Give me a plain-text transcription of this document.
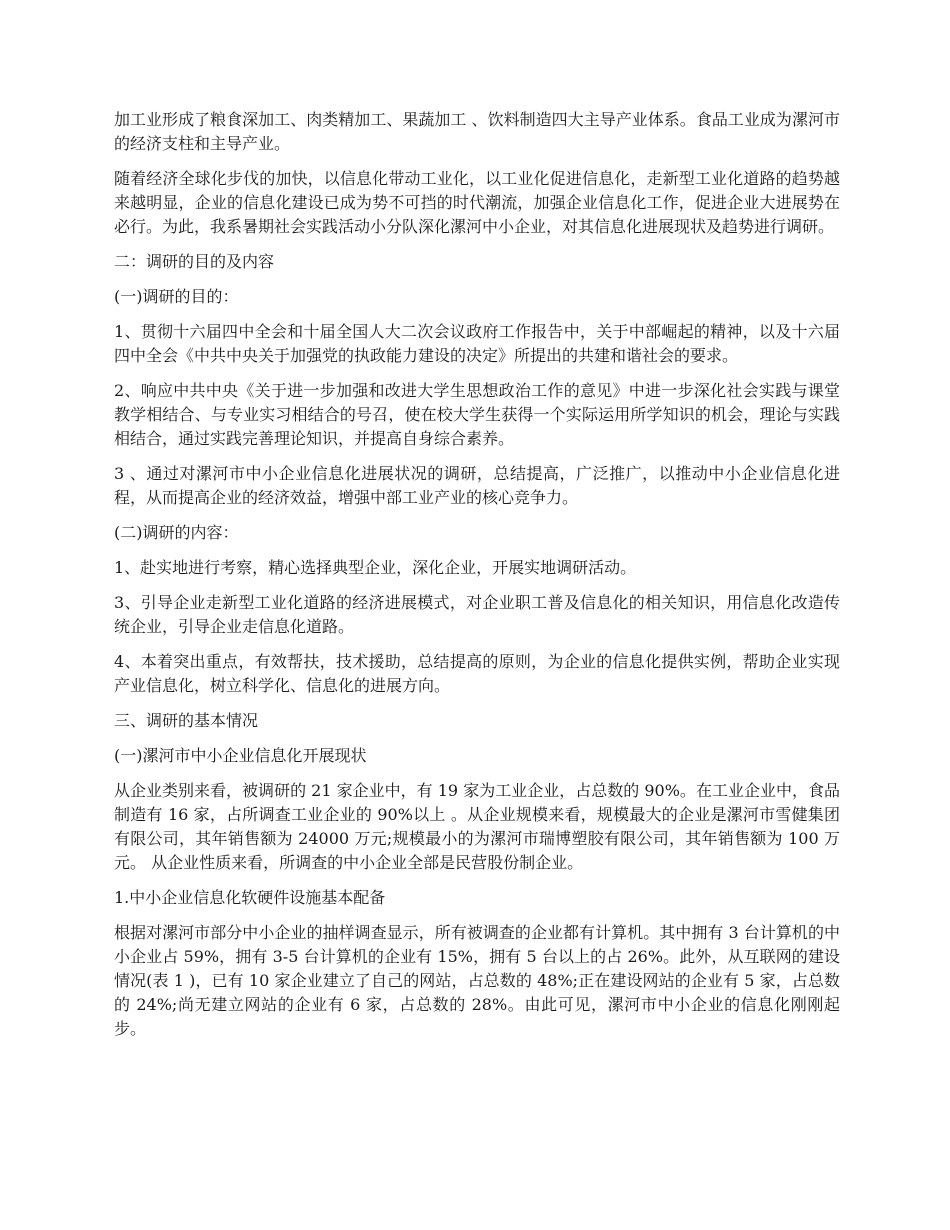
加工业形成了粮食深加工、肉类精加工、果蔬加工 、饮料制造四大主导产业体系。食品工业成为漯河市的经济支柱和主导产业。

随着经济全球化步伐的加快，以信息化带动工业化，以工业化促进信息化，走新型工业化道路的趋势越来越明显，企业的信息化建设已成为势不可挡的时代潮流，加强企业信息化工作，促进企业大进展势在必行。为此，我系暑期社会实践活动小分队深化漯河中小企业，对其信息化进展现状及趋势进行调研。

二：调研的目的及内容

(一)调研的目的：

1、贯彻十六届四中全会和十届全国人大二次会议政府工作报告中，关于中部崛起的精神，以及十六届四中全会《中共中央关于加强党的执政能力建设的决定》所提出的共建和谐社会的要求。

2、响应中共中央《关于进一步加强和改进大学生思想政治工作的意见》中进一步深化社会实践与课堂教学相结合、与专业实习相结合的号召，使在校大学生获得一个实际运用所学知识的机会，理论与实践相结合，通过实践完善理论知识，并提高自身综合素养。

3 、通过对漯河市中小企业信息化进展状况的调研，总结提高，广泛推广，以推动中小企业信息化进程，从而提高企业的经济效益，增强中部工业产业的核心竞争力。

(二)调研的内容：

1、赴实地进行考察，精心选择典型企业，深化企业，开展实地调研活动。

3、引导企业走新型工业化道路的经济进展模式，对企业职工普及信息化的相关知识，用信息化改造传统企业，引导企业走信息化道路。

4、本着突出重点，有效帮扶，技术援助，总结提高的原则，为企业的信息化提供实例，帮助企业实现产业信息化，树立科学化、信息化的进展方向。

三、调研的基本情况

(一)漯河市中小企业信息化开展现状

从企业类别来看，被调研的 21 家企业中，有 19 家为工业企业，占总数的 90%。在工业企业中，食品制造有 16 家，占所调查工业企业的 90%以上 。从企业规模来看，规模最大的企业是漯河市雪健集团有限公司，其年销售额为 24000 万元;规模最小的为漯河市瑞博塑胶有限公司，其年销售额为 100 万元。 从企业性质来看，所调查的中小企业全部是民营股份制企业。

1.中小企业信息化软硬件设施基本配备

根据对漯河市部分中小企业的抽样调查显示，所有被调查的企业都有计算机。其中拥有 3 台计算机的中小企业占 59%，拥有 3-5 台计算机的企业有 15%，拥有 5 台以上的占 26%。此外，从互联网的建设情况(表 1 )，已有 10 家企业建立了自己的网站，占总数的 48%;正在建设网站的企业有 5 家，占总数的 24%;尚无建立网站的企业有 6 家，占总数的 28%。由此可见，漯河市中小企业的信息化刚刚起步。
